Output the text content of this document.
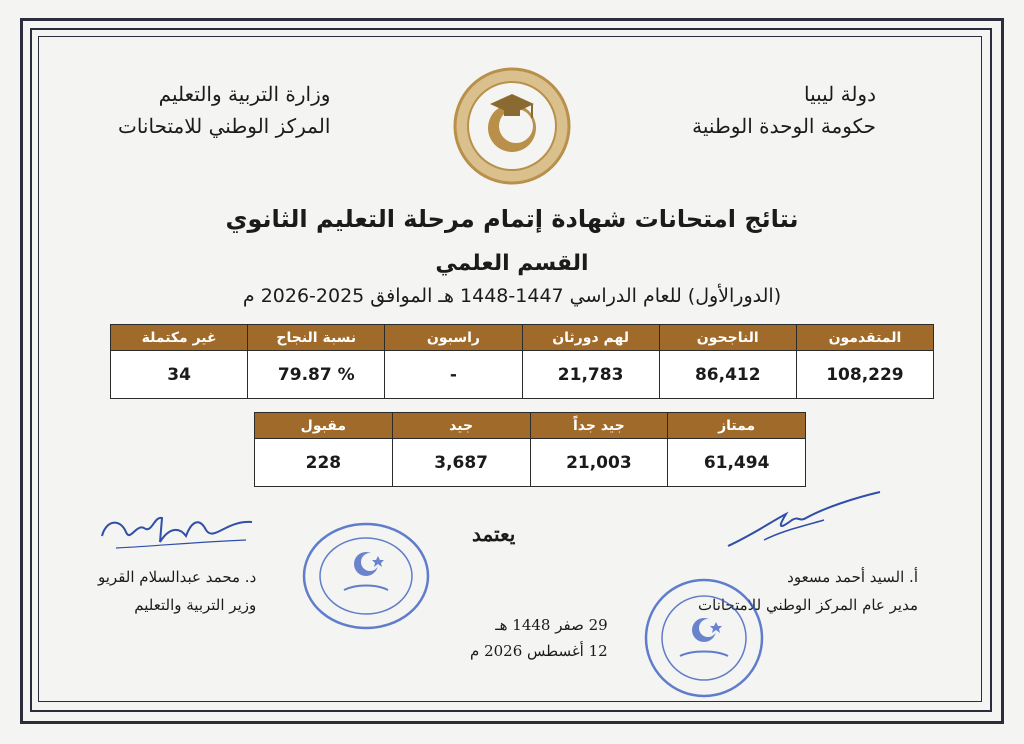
دولة ليبيا
حكومة الوحدة الوطنية
وزارة التربية والتعليم
المركز الوطني للامتحانات
نتائج امتحانات شهادة إتمام مرحلة التعليم الثانوي
القسم العلمي
(الدورالأول) للعام الدراسي 1447-1448 هـ الموافق 2025-2026 م
المتقدمون	الناجحون	لهم دورثان	راسبون	نسبة النجاح	غير مكتملة
108,229	86,412	21,783	-	% 79.87	34
ممتاز	جيد جداً	جيد	مقبول
61,494	21,003	3,687	228
يعتمد
أ. السيد أحمد مسعود
مدير عام المركز الوطني للامتحانات
د. محمد عبدالسلام القريو
وزير التربية والتعليم
29 صفر 1448 هـ
12 أغسطس 2026 م
